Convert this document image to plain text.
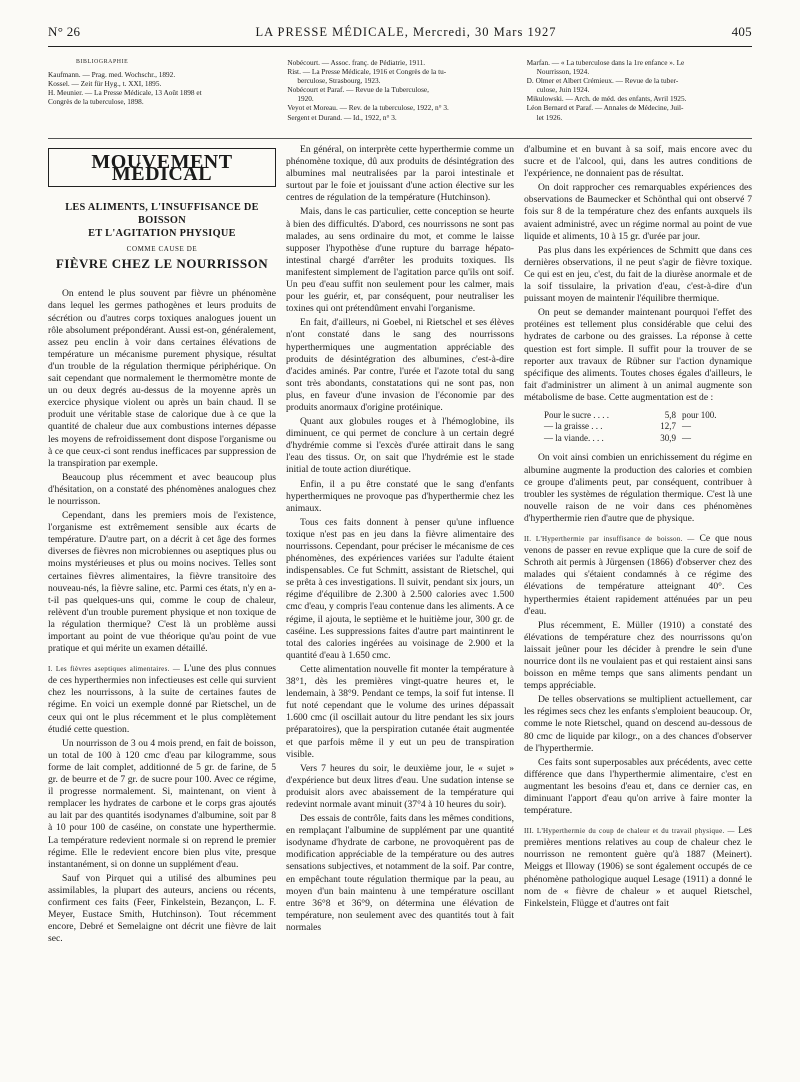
N° 26	LA PRESSE MÉDICALE, Mercredi, 30 Mars 1927	405
BIBLIOGRAPHIE
Kaufmann. — Prag. med. Wochschr., 1892.
Kossel. — Zeit für Hyg., t. XXI, 1895.
H. Meunier. — La Presse Médicale, 13 Août 1898 et
Congrès de la tuberculose, 1898.
Nobécourt. — Assoc. franç. de Pédiatrie, 1911.
Rist. — La Presse Médicale, 1916 et Congrès de la tu-
berculose, Strasbourg, 1923.
Nobécourt et Paraf. — Revue de la Tuberculose,
1920.
Veyot et Moreau. — Rev. de la tuberculose, 1922, n° 3.
Sergent et Durand. — Id., 1922, n° 3.
Marfan. — « La tuberculose dans la 1re enfance ». Le
Nourrisson, 1924.
D. Olmer et Albert Crémieux. — Revue de la tuber-
culose, Juin 1924.
Mikulowski. — Arch. de méd. des enfants, Avril 1925.
Léon Bernard et Paraf. — Annales de Médecine, Juil-
let 1926.
MOUVEMENT MÉDICAL
LES ALIMENTS, L'INSUFFISANCE DE BOISSON
ET L'AGITATION PHYSIQUE
COMME CAUSE DE
FIÈVRE CHEZ LE NOURRISSON

On entend le plus souvent par fièvre un phénomène dans lequel les germes pathogènes et leurs produits de sécrétion ou d'autres corps toxiques analogues jouent un rôle absolument prépondérant. Aussi est-on, généralement, assez peu enclin à voir dans certaines élévations de température un mécanisme purement physique, résultat d'un trouble de la régulation thermique périphérique. On sait cependant que normalement le thermomètre monte de un ou deux degrés au-dessus de la moyenne après un exercice physique violent ou après un bain chaud. Il se produit une véritable stase de calorique due à ce que la quantité de chaleur due aux combustions internes dépasse les moyens de refroidissement dont dispose l'organisme ou à ce que ceux-ci sont rendus inefficaces par suppression de la transpiration par exemple.

Beaucoup plus récemment et avec beaucoup plus d'hésitation, on a constaté des phénomènes analogues chez le nourrisson.

Cependant, dans les premiers mois de l'existence, l'organisme est extrêmement sensible aux écarts de température. D'autre part, on a décrit à cet âge des formes diverses de fièvres non microbiennes ou aseptiques plus ou moins mystérieuses et plus ou moins nocives. Telles sont certaines fièvres alimentaires, la fièvre transitoire des nouveau-nés, la fièvre saline, etc. Parmi ces états, n'y en a-t-il pas quelques-uns qui, comme le coup de chaleur, relèvent d'un trouble purement physique et non toxique de la régulation thermique? C'est là un problème aussi important au point de vue théorique qu'au point de vue pratique et qui mérite un examen détaillé.

I. Les fièvres aseptiques alimentaires. — L'une des plus connues de ces hyperthermies non infectieuses est celle qui survient chez les nourrissons, à la suite de certaines fautes de régime. En voici un exemple donné par Rietschel, un de ceux qui ont le plus récemment et le plus complètement étudié cette question.

Un nourrisson de 3 ou 4 mois prend, en fait de boisson, un total de 100 à 120 cmc d'eau par kilogramme, sous forme de lait complet, additionné de 5 gr. de farine, de 5 gr. de beurre et de 7 gr. de sucre pour 100. Avec ce régime, il progresse normalement. Si, maintenant, on vient à remplacer les hydrates de carbone et le corps gras ajoutés au lait par des quantités isodynames d'albumine, soit par 8 à 10 pour 100 de caséine, on constate une hyperthermie. La température redevient normale si on reprend le premier régime. Elle le redevient encore bien plus vite, presque instantanément, si on donne un supplément d'eau.

Sauf von Pirquet qui a utilisé des albumines peu assimilables, la plupart des auteurs, anciens ou récents, confirment ces faits (Feer, Finkelstein, Bezançon, L. F. Meyer, Eustace Smith, Hutchinson). Tout récemment encore, Debré et Semelaigne ont décrit une fièvre de lait sec.

En général, on interprète cette hyperthermie comme un phénomène toxique, dû aux produits de désintégration des albumines mal neutralisées par la paroi intestinale et surtout par le foie et jouissant d'une action élective sur les centres de régulation de la température (Hutchinson).

Mais, dans le cas particulier, cette conception se heurte à bien des difficultés. D'abord, ces nourrissons ne sont pas malades, au sens ordinaire du mot, et comme le laisse supposer l'hypothèse d'une rupture du barrage hépato-intestinal chargé d'arrêter les produits toxiques. Ils manifestent simplement de l'agitation parce qu'ils ont soif. Un peu d'eau suffit non seulement pour les calmer, mais pour les guérir, et, par conséquent, pour neutraliser les toxines qui ont prétendûment envahi l'organisme.

En fait, d'ailleurs, ni Goebel, ni Rietschel et ses élèves n'ont constaté dans le sang des nourrissons hyperthermiques une augmentation appréciable des produits de désintégration des albumines, c'est-à-dire d'acides aminés. Par contre, l'urée et l'azote total du sang sont très abondants, constatations qui ne sont pas, non plus, en faveur d'une invasion de l'économie par des produits anormaux d'origine protéinique.

Quant aux globules rouges et à l'hémoglobine, ils diminuent, ce qui permet de conclure à un certain degré d'hydrémie comme si l'excès d'urée attirait dans le sang l'eau des tissus. Or, on sait que l'hydrémie est le stade initial de toute action diurétique.

Enfin, il a pu être constaté que le sang d'enfants hyperthermiques ne provoque pas d'hyperthermie chez les animaux.

Tous ces faits donnent à penser qu'une influence toxique n'est pas en jeu dans la fièvre alimentaire des nourrissons. Cependant, pour préciser le mécanisme de ces phénomènes, des expériences variées sur l'adulte étaient indispensables. Ce fut Schmitt, assistant de Rietschel, qui se prêta à ces investigations. Il suivit, pendant six jours, un régime d'équilibre de 2.300 à 2.500 calories avec 1.500 cmc d'eau, y compris l'eau contenue dans les aliments. A ce régime, il ajouta, le septième et le huitième jour, 300 gr. de caséine. Les suppressions faites d'autre part maintinrent le total des calories ingérées au voisinage de 2.900 et la quantité d'eau à 1.650 cmc.

Cette alimentation nouvelle fit monter la température à 38°1, dès les premières vingt-quatre heures et, le lendemain, à 38°9. Pendant ce temps, la soif fut intense. Il fut noté cependant que le volume des urines dépassait 1.600 cmc (il oscillait autour du litre pendant les six jours préparatoires), que la perspiration cutanée était augmentée et que parfois même il y eut un peu de transpiration visible.

Vers 7 heures du soir, le deuxième jour, le « sujet » d'expérience but deux litres d'eau. Une sudation intense se produisit alors avec abaissement de la température qui redevint normale avant minuit (37°4 à 10 heures du soir).

Des essais de contrôle, faits dans les mêmes conditions, en remplaçant l'albumine de supplément par une quantité isodyname d'hydrate de carbone, ne provoquèrent pas de modification appréciable de la température ou des autres sensations subjectives, et notamment de la soif. Par contre, en empêchant toute régulation thermique par la peau, au moyen d'un bain maintenu à une température oscillant entre 36°8 et 36°9, on détermina une élévation de température, non seulement avec des quantités tout à fait normales

d'albumine et en buvant à sa soif, mais encore avec du sucre et de l'alcool, qui, dans les autres conditions de l'expérience, ne donnaient pas de résultat.

On doit rapprocher ces remarquables expériences des observations de Baumecker et Schönthal qui ont observé 7 fois sur 8 de la température chez des enfants auxquels ils avaient administré, avec un régime normal au point de vue liquide et aliments, 10 à 15 gr. d'urée par jour.

Pas plus dans les expériences de Schmitt que dans ces dernières observations, il ne peut s'agir de fièvre toxique. Ce qui est en jeu, c'est, du fait de la diurèse anormale et de la soif tissulaire, la privation d'eau, c'est-à-dire d'un puissant moyen de maintenir l'équilibre thermique.

On peut se demander maintenant pourquoi l'effet des protéines est tellement plus considérable que celui des hydrates de carbone ou des graisses. La réponse à cette question est fort simple. Il suffit pour la trouver de se reporter aux travaux de Rübner sur l'action dynamique spécifique des aliments. Toutes choses égales d'ailleurs, le fait d'administrer un aliment à un animal augmente son métabolisme de base. Cette augmentation est de :

Pour le sucre . . . .	5,8 pour 100.
— la graisse . . .	12,7 —
— la viande. . . .	30,9 —

On voit ainsi combien un enrichissement du régime en albumine augmente la production des calories et combien ce groupe d'aliments peut, par conséquent, contribuer à troubler les systèmes de régulation thermique. C'est là une nouvelle raison de ne voir dans ces phénomènes d'hyperthermie rien d'autre que de physique.

II. L'Hyperthermie par insuffisance de boisson. — Ce que nous venons de passer en revue explique que la cure de soif de Schroth ait permis à Jürgensen (1866) d'observer chez des malades qui s'étaient condamnés à ce régime des élévations de température atteignant 40°. Ces hyperthermies étaient rapidement atténuées par un peu d'eau.

Plus récemment, E. Müller (1910) a constaté des élévations de température chez des nourrissons qu'on laissait jeûner pour les décider à prendre le sein d'une nourrice dont ils ne voulaient pas et qui restaient ainsi sans boisson en même temps que sans aliments pendant un temps appréciable.

De telles observations se multiplient actuellement, car les régimes secs chez les enfants s'emploient beaucoup. Or, comme le note Rietschel, quand on descend au-dessous de 80 cmc de liquide par kilogr., on a des chances d'observer de l'hyperthermie.

Ces faits sont superposables aux précédents, avec cette différence que dans l'hyperthermie alimentaire, c'est en augmentant les besoins d'eau et, dans ce dernier cas, en diminuant l'apport d'eau qu'on arrive à faire monter la température.

III. L'Hyperthermie du coup de chaleur et du travail physique. — Les premières mentions relatives au coup de chaleur chez le nourrisson ne remontent guère qu'à 1887 (Meinert). Meiggs et Illoway (1906) se sont également occupés de ce phénomène pathologique auquel Lesage (1911) a donné le nom de « fièvre de chaleur » et auquel Rietschel, Finkelstein, Flügge et d'autres ont fait
